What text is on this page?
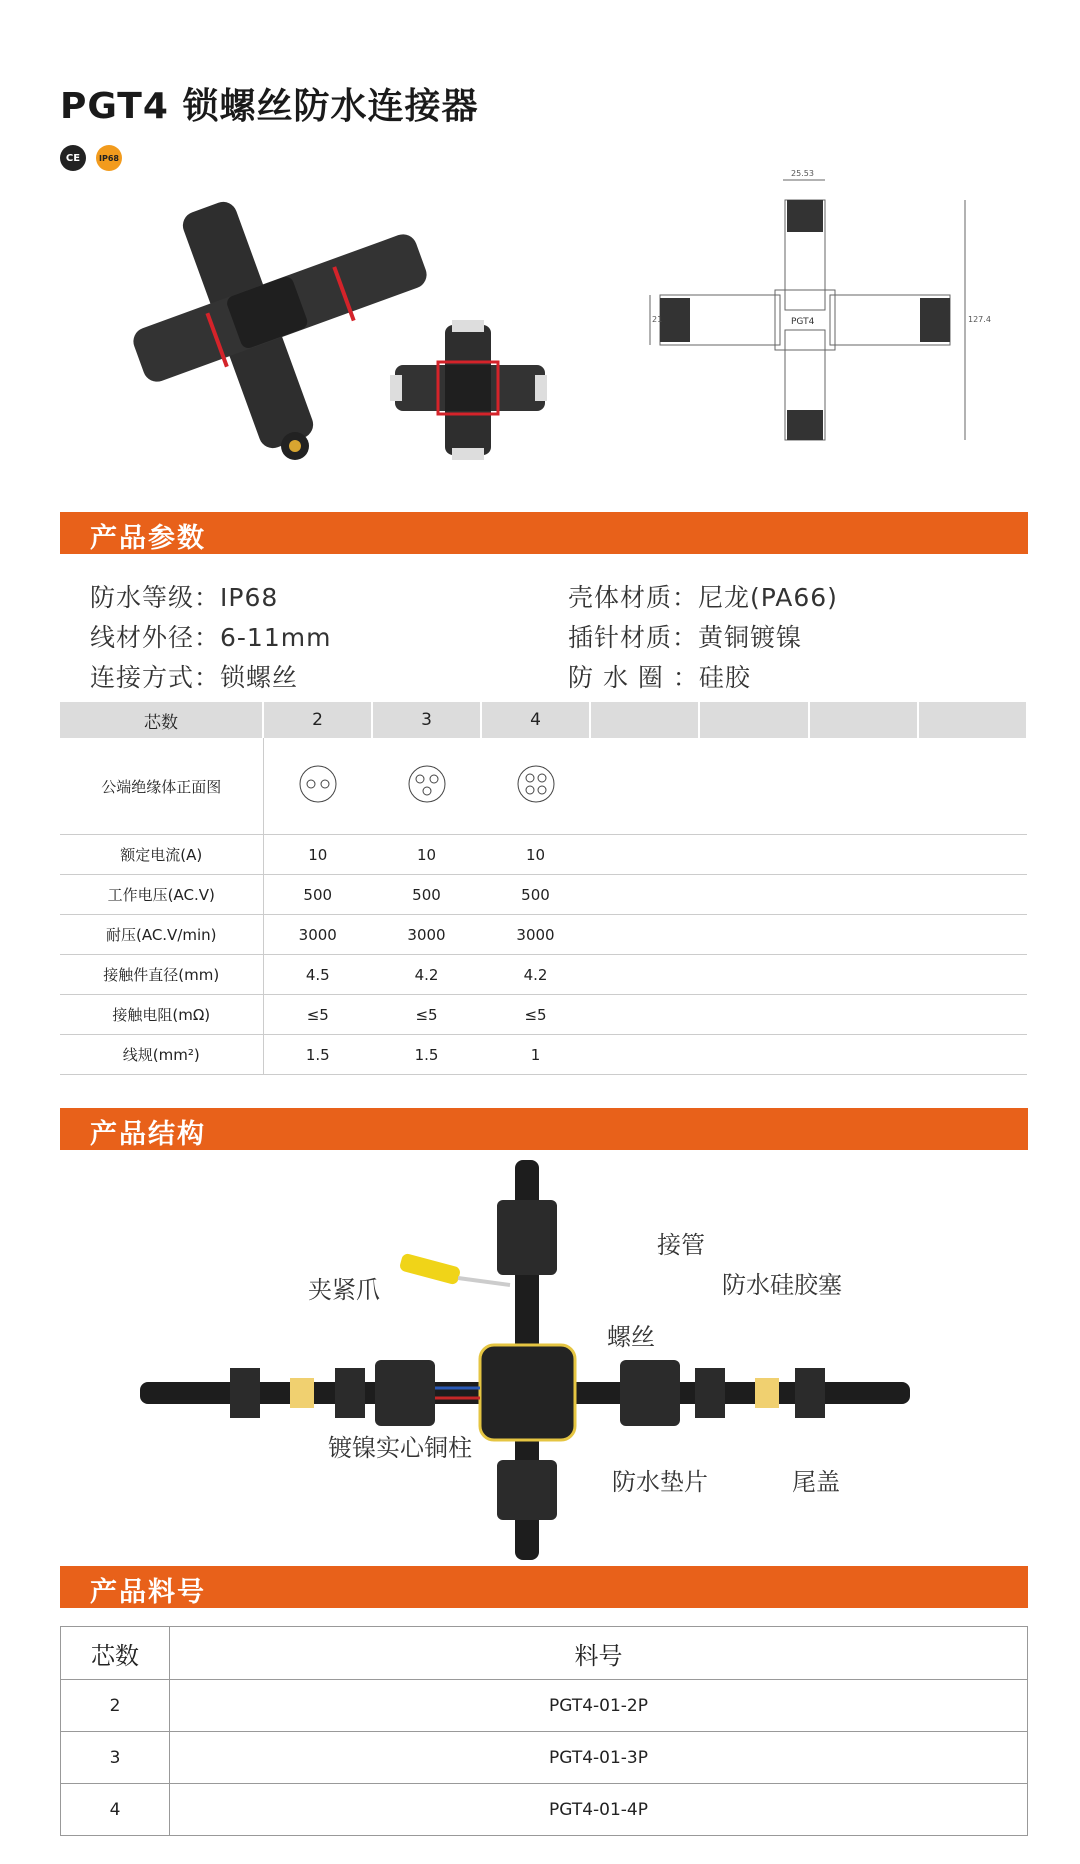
PGT4 锁螺丝防水连接器
CE	IP68
25.53
21	127.4
PGT4
产品参数
防水等级：IP68	壳体材质：尼龙(PA66)
线材外径：6-11mm	插针材质：黄铜镀镍
连接方式：锁螺丝	防 水 圈 ：硅胶
芯数	2	3	4				
公端绝缘体正面图				
额定电流(A)	10	10	10				
工作电压(AC.V)	500	500	500				
耐压(AC.V/min)	3000	3000	3000				
接触件直径(mm)	4.5	4.2	4.2				
接触电阻(mΩ)	≤5	≤5	≤5				
线规(mm²)	1.5	1.5	1				
产品结构
夹紧爪
接管
防水硅胶塞
螺丝
镀镍实心铜柱
防水垫片	尾盖
产品料号
芯数	料号
2	PGT4-01-2P
3	PGT4-01-3P
4	PGT4-01-4P
